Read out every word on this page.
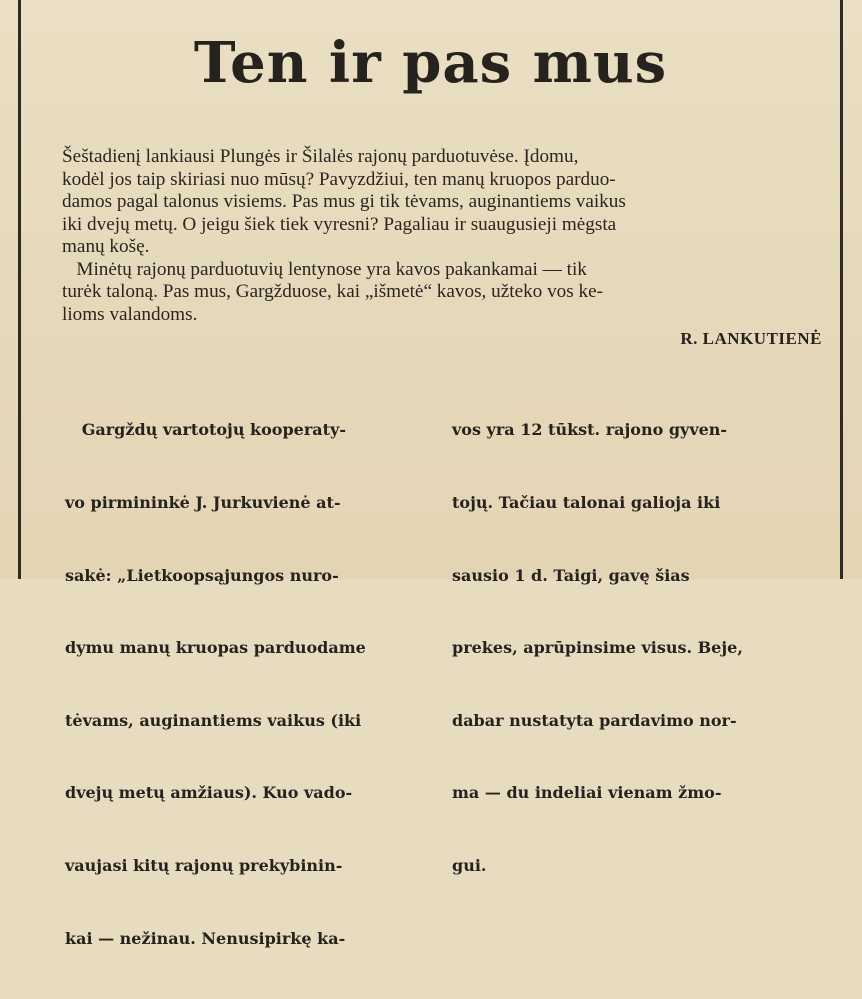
Ten ir pas mus
Šeštadienį lankiausi Plungės ir Šilalės rajonų parduotuvėse. Įdomu,
kodėl jos taip skiriasi nuo mūsų? Pavyzdžiui, ten manų kruopos parduo-
damos pagal talonus visiems. Pas mus gi tik tėvams, auginantiems vaikus
iki dvejų metų. O jeigu šiek tiek vyresni? Pagaliau ir suaugusieji mėgsta
manų košę.
Minėtų rajonų parduotuvių lentynose yra kavos pakankamai — tik
turėk taloną. Pas mus, Gargžduose, kai „išmetė“ kavos, užteko vos ke-
lioms valandoms.
R. LANKUTIENĖ

Gargždų vartotojų kooperaty-

vo pirmininkė J. Jurkuvienė at-

sakė: „Lietkoopsąjungos nuro-

dymu manų kruopas parduodame

tėvams, auginantiems vaikus (iki

dvejų metų amžiaus). Kuo vado-

vaujasi kitų rajonų prekybinin-

kai — nežinau. Nenusipirkę ka-

vos yra 12 tūkst. rajono gyven-

tojų. Tačiau talonai galioja iki

sausio 1 d. Taigi, gavę šias

prekes, aprūpinsime visus. Beje,

dabar nustatyta pardavimo nor-

ma — du indeliai vienam žmo-

gui.
